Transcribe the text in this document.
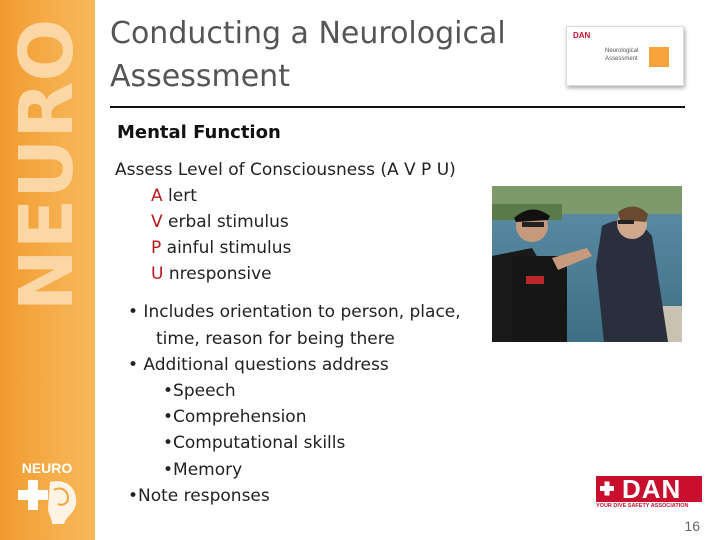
NEURO
NEURO
Conducting a Neurological Assessment
DAN
Neurological Assessment
Mental Function
Assess Level of Consciousness (A V P U)
A lert
V erbal stimulus
P ainful stimulus
U nresponsive
• Includes orientation to person, place,
time, reason for being there
• Additional questions address
•Speech
•Comprehension
•Computational skills
•Memory
•Note responses	DAN
YOUR DIVE SAFETY ASSOCIATION
16
